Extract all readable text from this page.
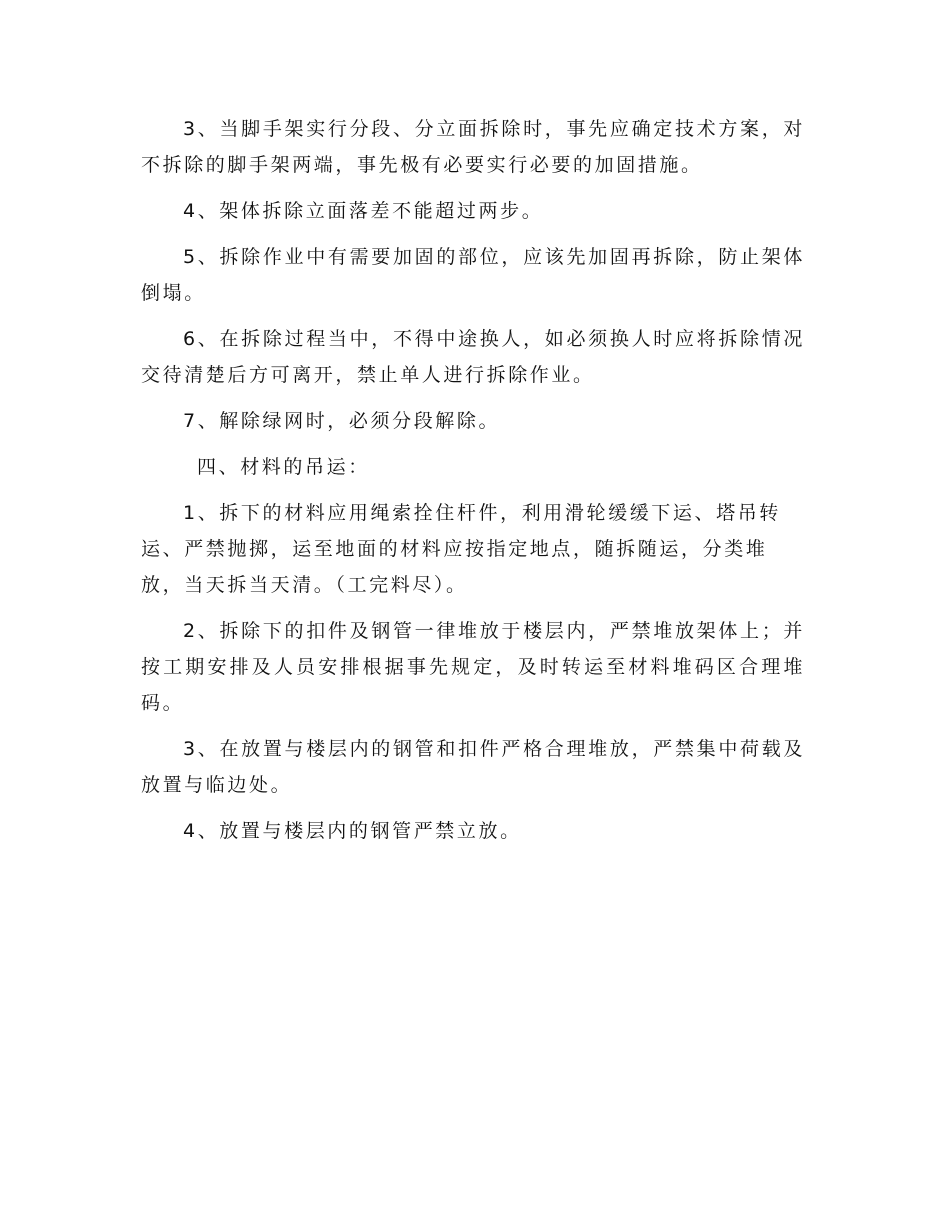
3、当脚手架实行分段、分立面拆除时，事先应确定技术方案，对不拆除的脚手架两端，事先极有必要实行必要的加固措施。

4、架体拆除立面落差不能超过两步。

5、拆除作业中有需要加固的部位，应该先加固再拆除，防止架体倒塌。

6、在拆除过程当中，不得中途换人，如必须换人时应将拆除情况交待清楚后方可离开，禁止单人进行拆除作业。

7、解除绿网时，必须分段解除。

四、材料的吊运：

1、拆下的材料应用绳索拴住杆件，利用滑轮缓缓下运、塔吊转运、严禁抛掷，运至地面的材料应按指定地点，随拆随运，分类堆放，当天拆当天清。（工完料尽）。

2、拆除下的扣件及钢管一律堆放于楼层内，严禁堆放架体上；并按工期安排及人员安排根据事先规定，及时转运至材料堆码区合理堆码。

3、在放置与楼层内的钢管和扣件严格合理堆放，严禁集中荷载及放置与临边处。

4、放置与楼层内的钢管严禁立放。
